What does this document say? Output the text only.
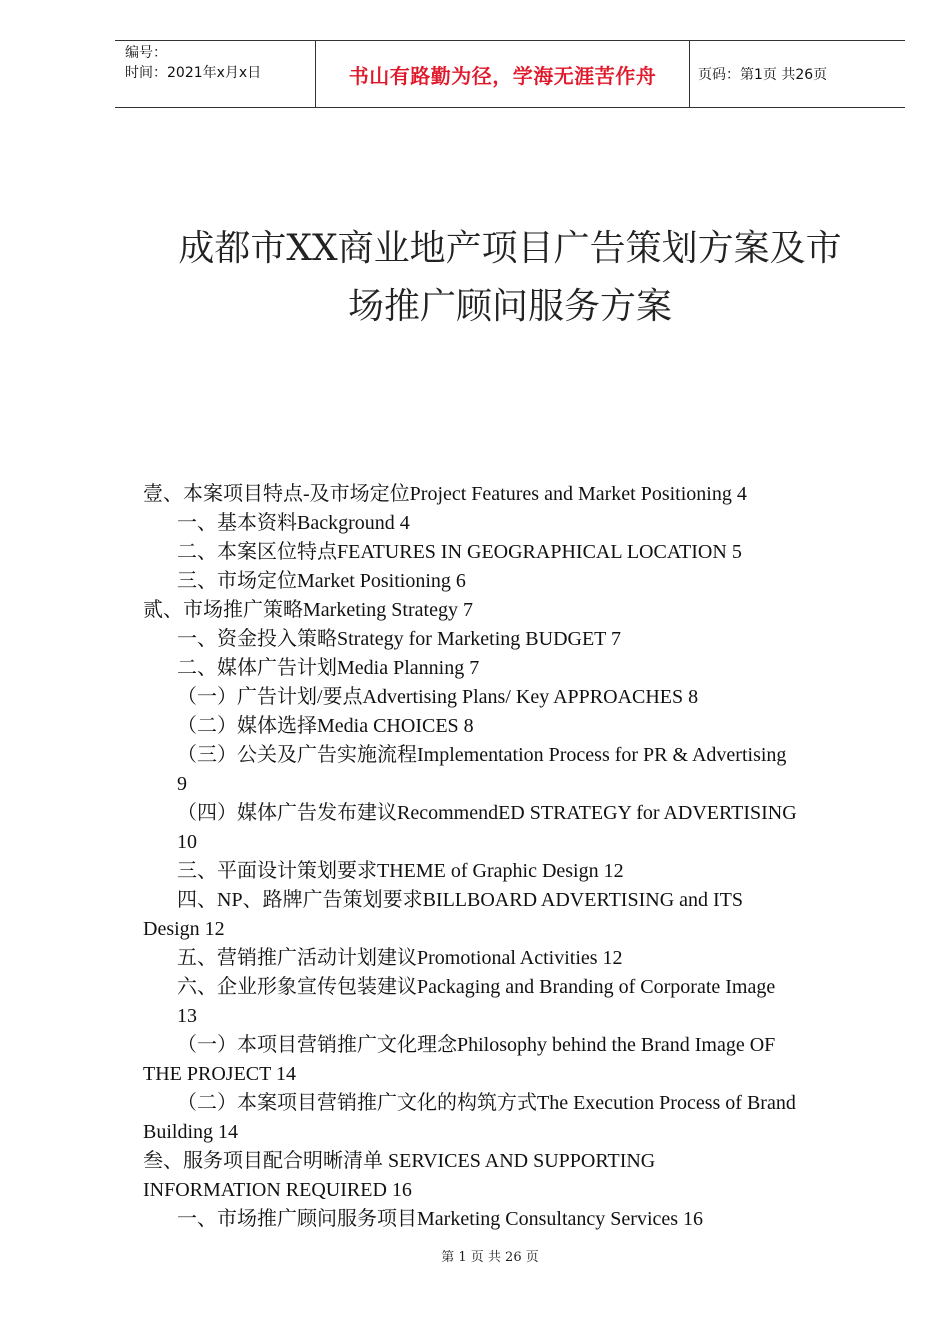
编号：
时间：2021年x月x日	书山有路勤为径，学海无涯苦作舟	页码：第1页 共26页
成都市XX商业地产项目广告策划方案及市
场推广顾问服务方案
壹、本案项目特点-及市场定位Project Features and Market Positioning 4
一、基本资料Background 4
二、本案区位特点FEATURES IN GEOGRAPHICAL LOCATION 5
三、市场定位Market Positioning 6
贰、市场推广策略Marketing Strategy 7
一、资金投入策略Strategy for Marketing BUDGET 7
二、媒体广告计划Media Planning 7
（一）广告计划/要点Advertising Plans/ Key APPROACHES 8
（二）媒体选择Media CHOICES 8
（三）公关及广告实施流程Implementation Process for PR & Advertising
9
（四）媒体广告发布建议RecommendED STRATEGY for ADVERTISING
10
三、平面设计策划要求THEME of Graphic Design 12
四、NP、路牌广告策划要求BILLBOARD ADVERTISING and ITS
Design 12
五、营销推广活动计划建议Promotional Activities 12
六、企业形象宣传包装建议Packaging and Branding of Corporate Image
13
（一）本项目营销推广文化理念Philosophy behind the Brand Image OF
THE PROJECT 14
（二）本案项目营销推广文化的构筑方式The Execution Process of Brand
Building 14
叁、服务项目配合明晰清单 SERVICES AND SUPPORTING
INFORMATION REQUIRED 16
一、市场推广顾问服务项目Marketing Consultancy Services 16
第 1 页 共 26 页
